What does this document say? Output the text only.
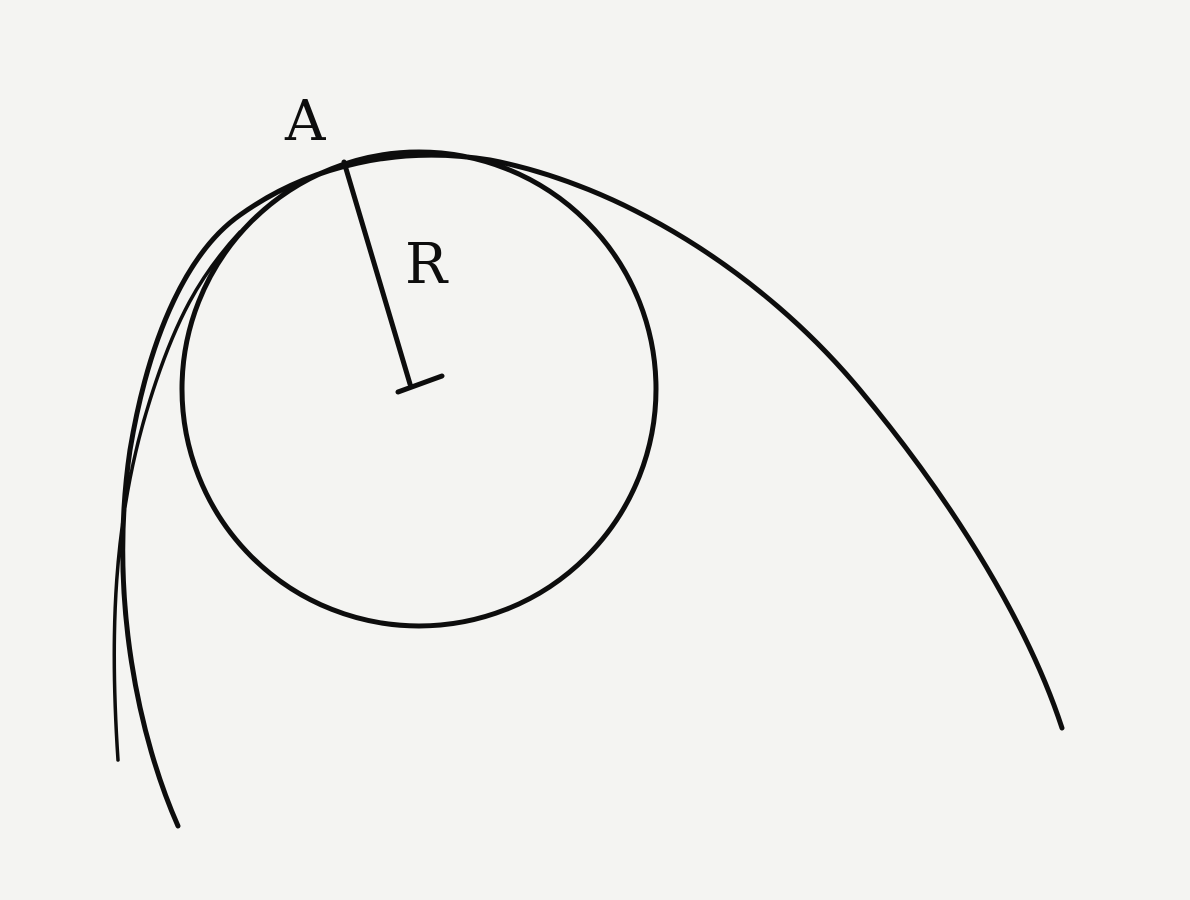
A
R
